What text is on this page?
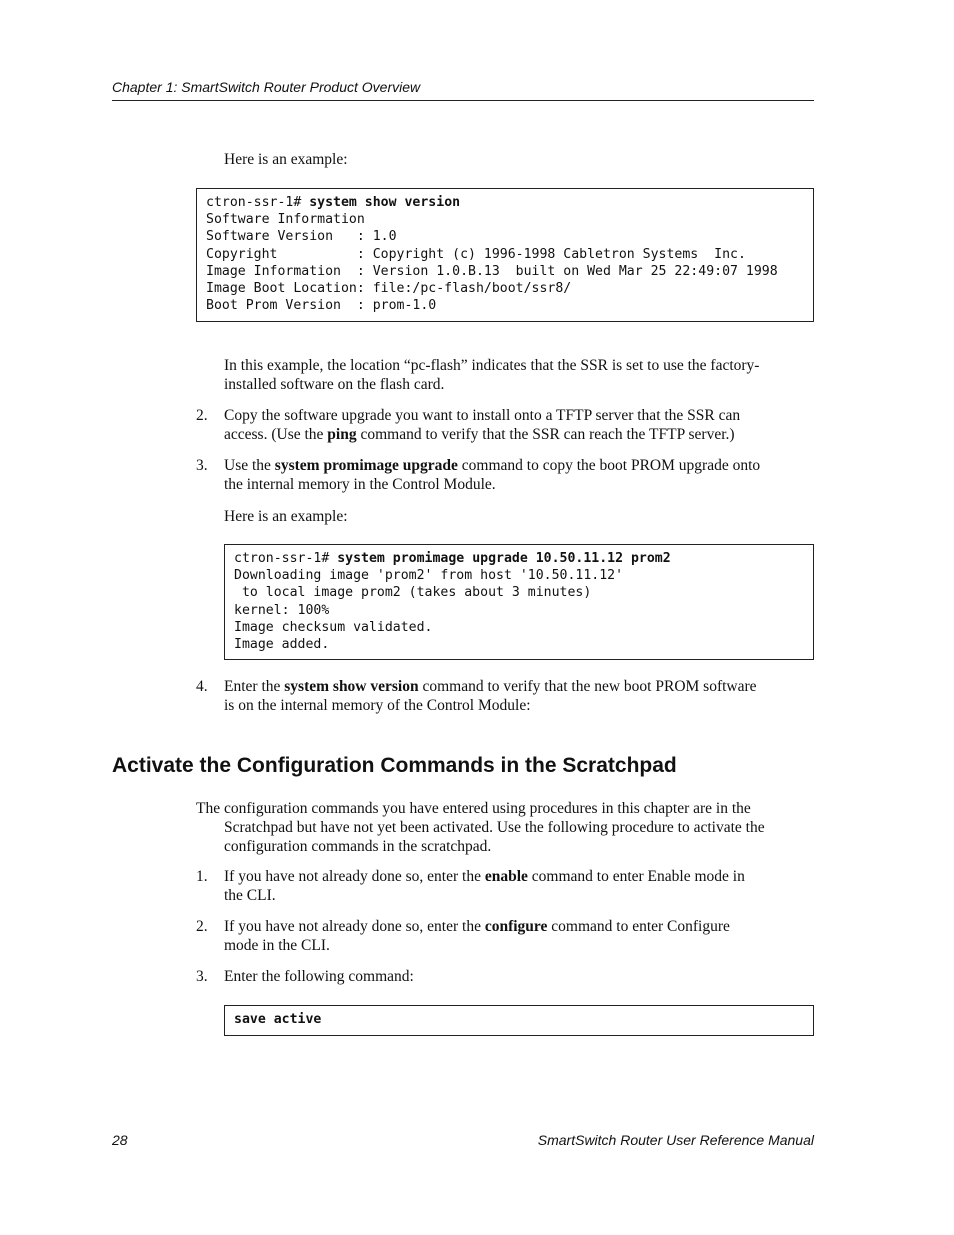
Chapter 1: SmartSwitch Router Product Overview
Here is an example:
ctron-ssr-1# system show version
Software Information
Software Version   : 1.0
Copyright          : Copyright (c) 1996-1998 Cabletron Systems  Inc.
Image Information  : Version 1.0.B.13  built on Wed Mar 25 22:49:07 1998
Image Boot Location: file:/pc-flash/boot/ssr8/
Boot Prom Version  : prom-1.0
In this example, the location “pc-flash” indicates that the SSR is set to use the factory-
installed software on the flash card.
2.	Copy the software upgrade you want to install onto a TFTP server that the SSR can
access. (Use the ping command to verify that the SSR can reach the TFTP server.)
3.	Use the system promimage upgrade command to copy the boot PROM upgrade onto
the internal memory in the Control Module.
Here is an example:
ctron-ssr-1# system promimage upgrade 10.50.11.12 prom2
Downloading image 'prom2' from host '10.50.11.12'
to local image prom2 (takes about 3 minutes)
kernel: 100%
Image checksum validated.
Image added.
4.	Enter the system show version command to verify that the new boot PROM software
is on the internal memory of the Control Module:
Activate the Configuration Commands in the Scratchpad
The configuration commands you have entered using procedures in this chapter are in the
Scratchpad but have not yet been activated. Use the following procedure to activate the
configuration commands in the scratchpad.
1.	If you have not already done so, enter the enable command to enter Enable mode in
the CLI.
2.	If you have not already done so, enter the configure command to enter Configure
mode in the CLI.
3.	Enter the following command:
save active
28	SmartSwitch Router User Reference Manual
